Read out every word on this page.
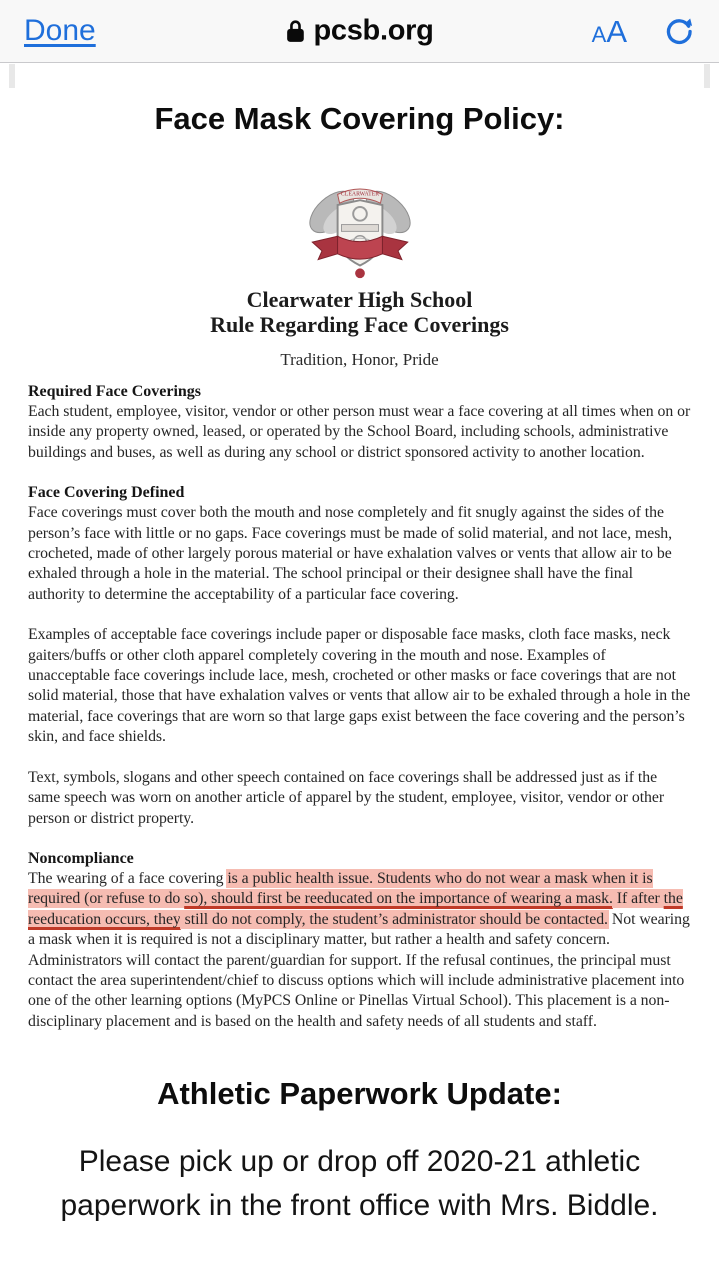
Done	pcsb.org	AA
Face Mask Covering Policy:
CLEARWATER
Clearwater High School
Rule Regarding Face Coverings
Tradition, Honor, Pride
Required Face Coverings

Each student, employee, visitor, vendor or other person must wear a face covering at all times when on or inside any property owned, leased, or operated by the School Board, including schools, administrative buildings and buses, as well as during any school or district sponsored activity to another location.

Face Covering Defined

Face coverings must cover both the mouth and nose completely and fit snugly against the sides of the person’s face with little or no gaps. Face coverings must be made of solid material, and not lace, mesh, crocheted, made of other largely porous material or have exhalation valves or vents that allow air to be exhaled through a hole in the material. The school principal or their designee shall have the final authority to determine the acceptability of a particular face covering.

Examples of acceptable face coverings include paper or disposable face masks, cloth face masks, neck gaiters/buffs or other cloth apparel completely covering in the mouth and nose. Examples of unacceptable face coverings include lace, mesh, crocheted or other masks or face coverings that are not solid material, those that have exhalation valves or vents that allow air to be exhaled through a hole in the material, face coverings that are worn so that large gaps exist between the face covering and the person’s skin, and face shields.

Text, symbols, slogans and other speech contained on face coverings shall be addressed just as if the same speech was worn on another article of apparel by the student, employee, visitor, vendor or other person or district property.

Noncompliance

The wearing of a face covering is a public health issue. Students who do not wear a mask when it is required (or refuse to do so), should first be reeducated on the importance of wearing a mask. If after the reeducation occurs, they still do not comply, the student’s administrator should be contacted. Not wearing a mask when it is required is not a disciplinary matter, but rather a health and safety concern. Administrators will contact the parent/guardian for support. If the refusal continues, the principal must contact the area superintendent/chief to discuss options which will include administrative placement into one of the other learning options (MyPCS Online or Pinellas Virtual School). This placement is a non-disciplinary placement and is based on the health and safety needs of all students and staff.

Athletic Paperwork Update:

Please pick up or drop off 2020-21 athletic paperwork in the front office with Mrs. Biddle.
